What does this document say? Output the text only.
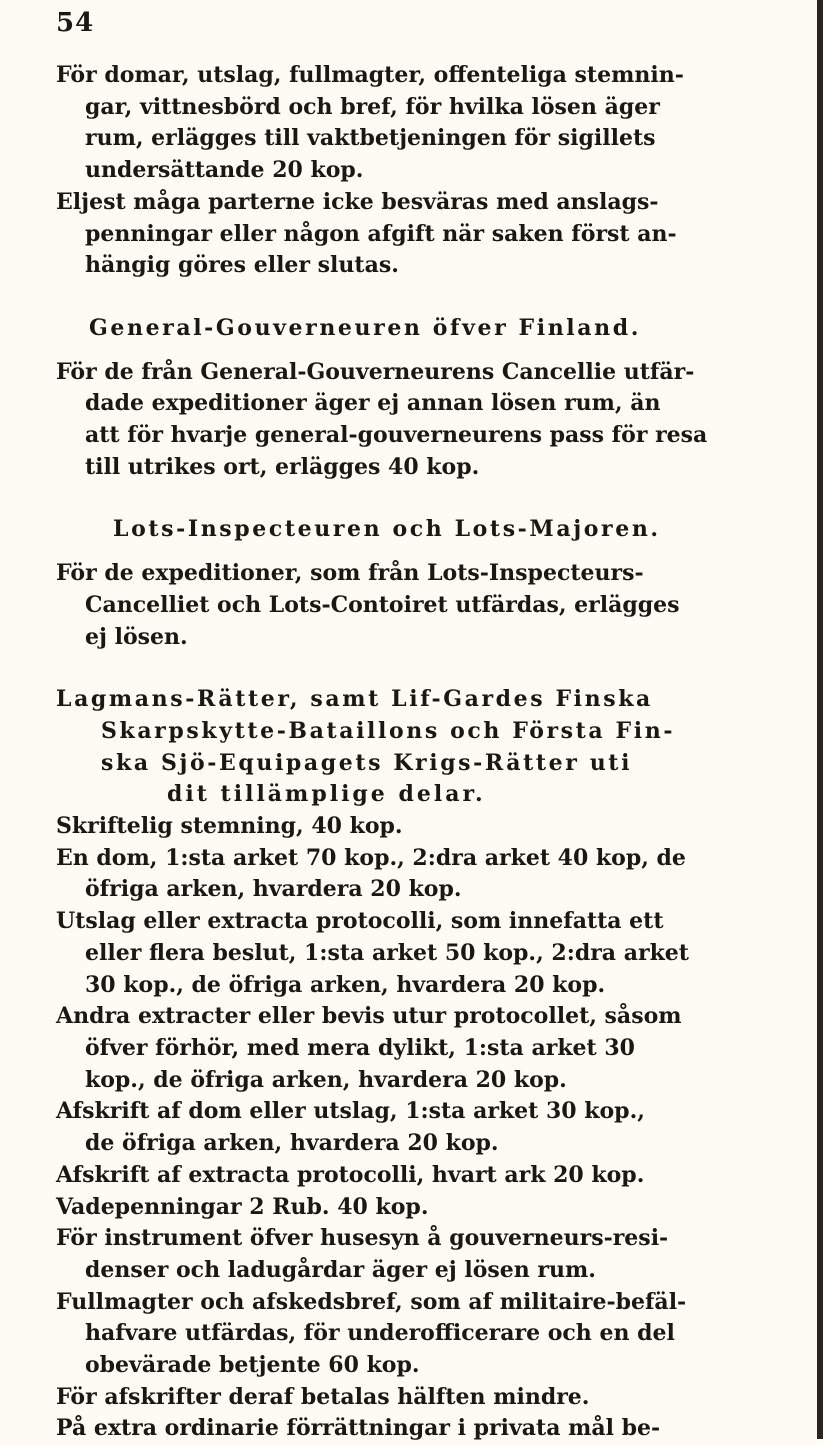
54
För domar, utslag, fullmagter, offenteliga stemnin-
gar, vittnesbörd och bref, för hvilka lösen äger
rum, erlägges till vaktbetjeningen för sigillets
undersättande 20 kop.
Eljest måga parterne icke besväras med anslags-
penningar eller någon afgift när saken först an-
hängig göres eller slutas.
General-Gouverneuren öfver Finland.
För de från General-Gouverneurens Cancellie utfär-
dade expeditioner äger ej annan lösen rum, än
att för hvarje general-gouverneurens pass för resa
till utrikes ort, erlägges 40 kop.
Lots-Inspecteuren och Lots-Majoren.
För de expeditioner, som från Lots-Inspecteurs-
Cancelliet och Lots-Contoiret utfärdas, erlägges
ej lösen.
Lagmans-Rätter, samt Lif-Gardes Finska
Skarpskytte-Bataillons och Första Fin-
ska Sjö-Equipagets Krigs-Rätter uti
dit tillämplige delar.
Skriftelig stemning, 40 kop.
En dom, 1:sta arket 70 kop., 2:dra arket 40 kop, de
öfriga arken, hvardera 20 kop.
Utslag eller extracta protocolli, som innefatta ett
eller flera beslut, 1:sta arket 50 kop., 2:dra arket
30 kop., de öfriga arken, hvardera 20 kop.
Andra extracter eller bevis utur protocollet, såsom
öfver förhör, med mera dylikt, 1:sta arket 30
kop., de öfriga arken, hvardera 20 kop.
Afskrift af dom eller utslag, 1:sta arket 30 kop.,
de öfriga arken, hvardera 20 kop.
Afskrift af extracta protocolli, hvart ark 20 kop.
Vadepenningar 2 Rub. 40 kop.
För instrument öfver husesyn å gouverneurs-resi-
denser och ladugårdar äger ej lösen rum.
Fullmagter och afskedsbref, som af militaire-befäl-
hafvare utfärdas, för underofficerare och en del
obeväradе betjente 60 kop.
För afskrifter deraf betalas hälften mindre.
På extra ordinarie förrättningar i privata mål be-
